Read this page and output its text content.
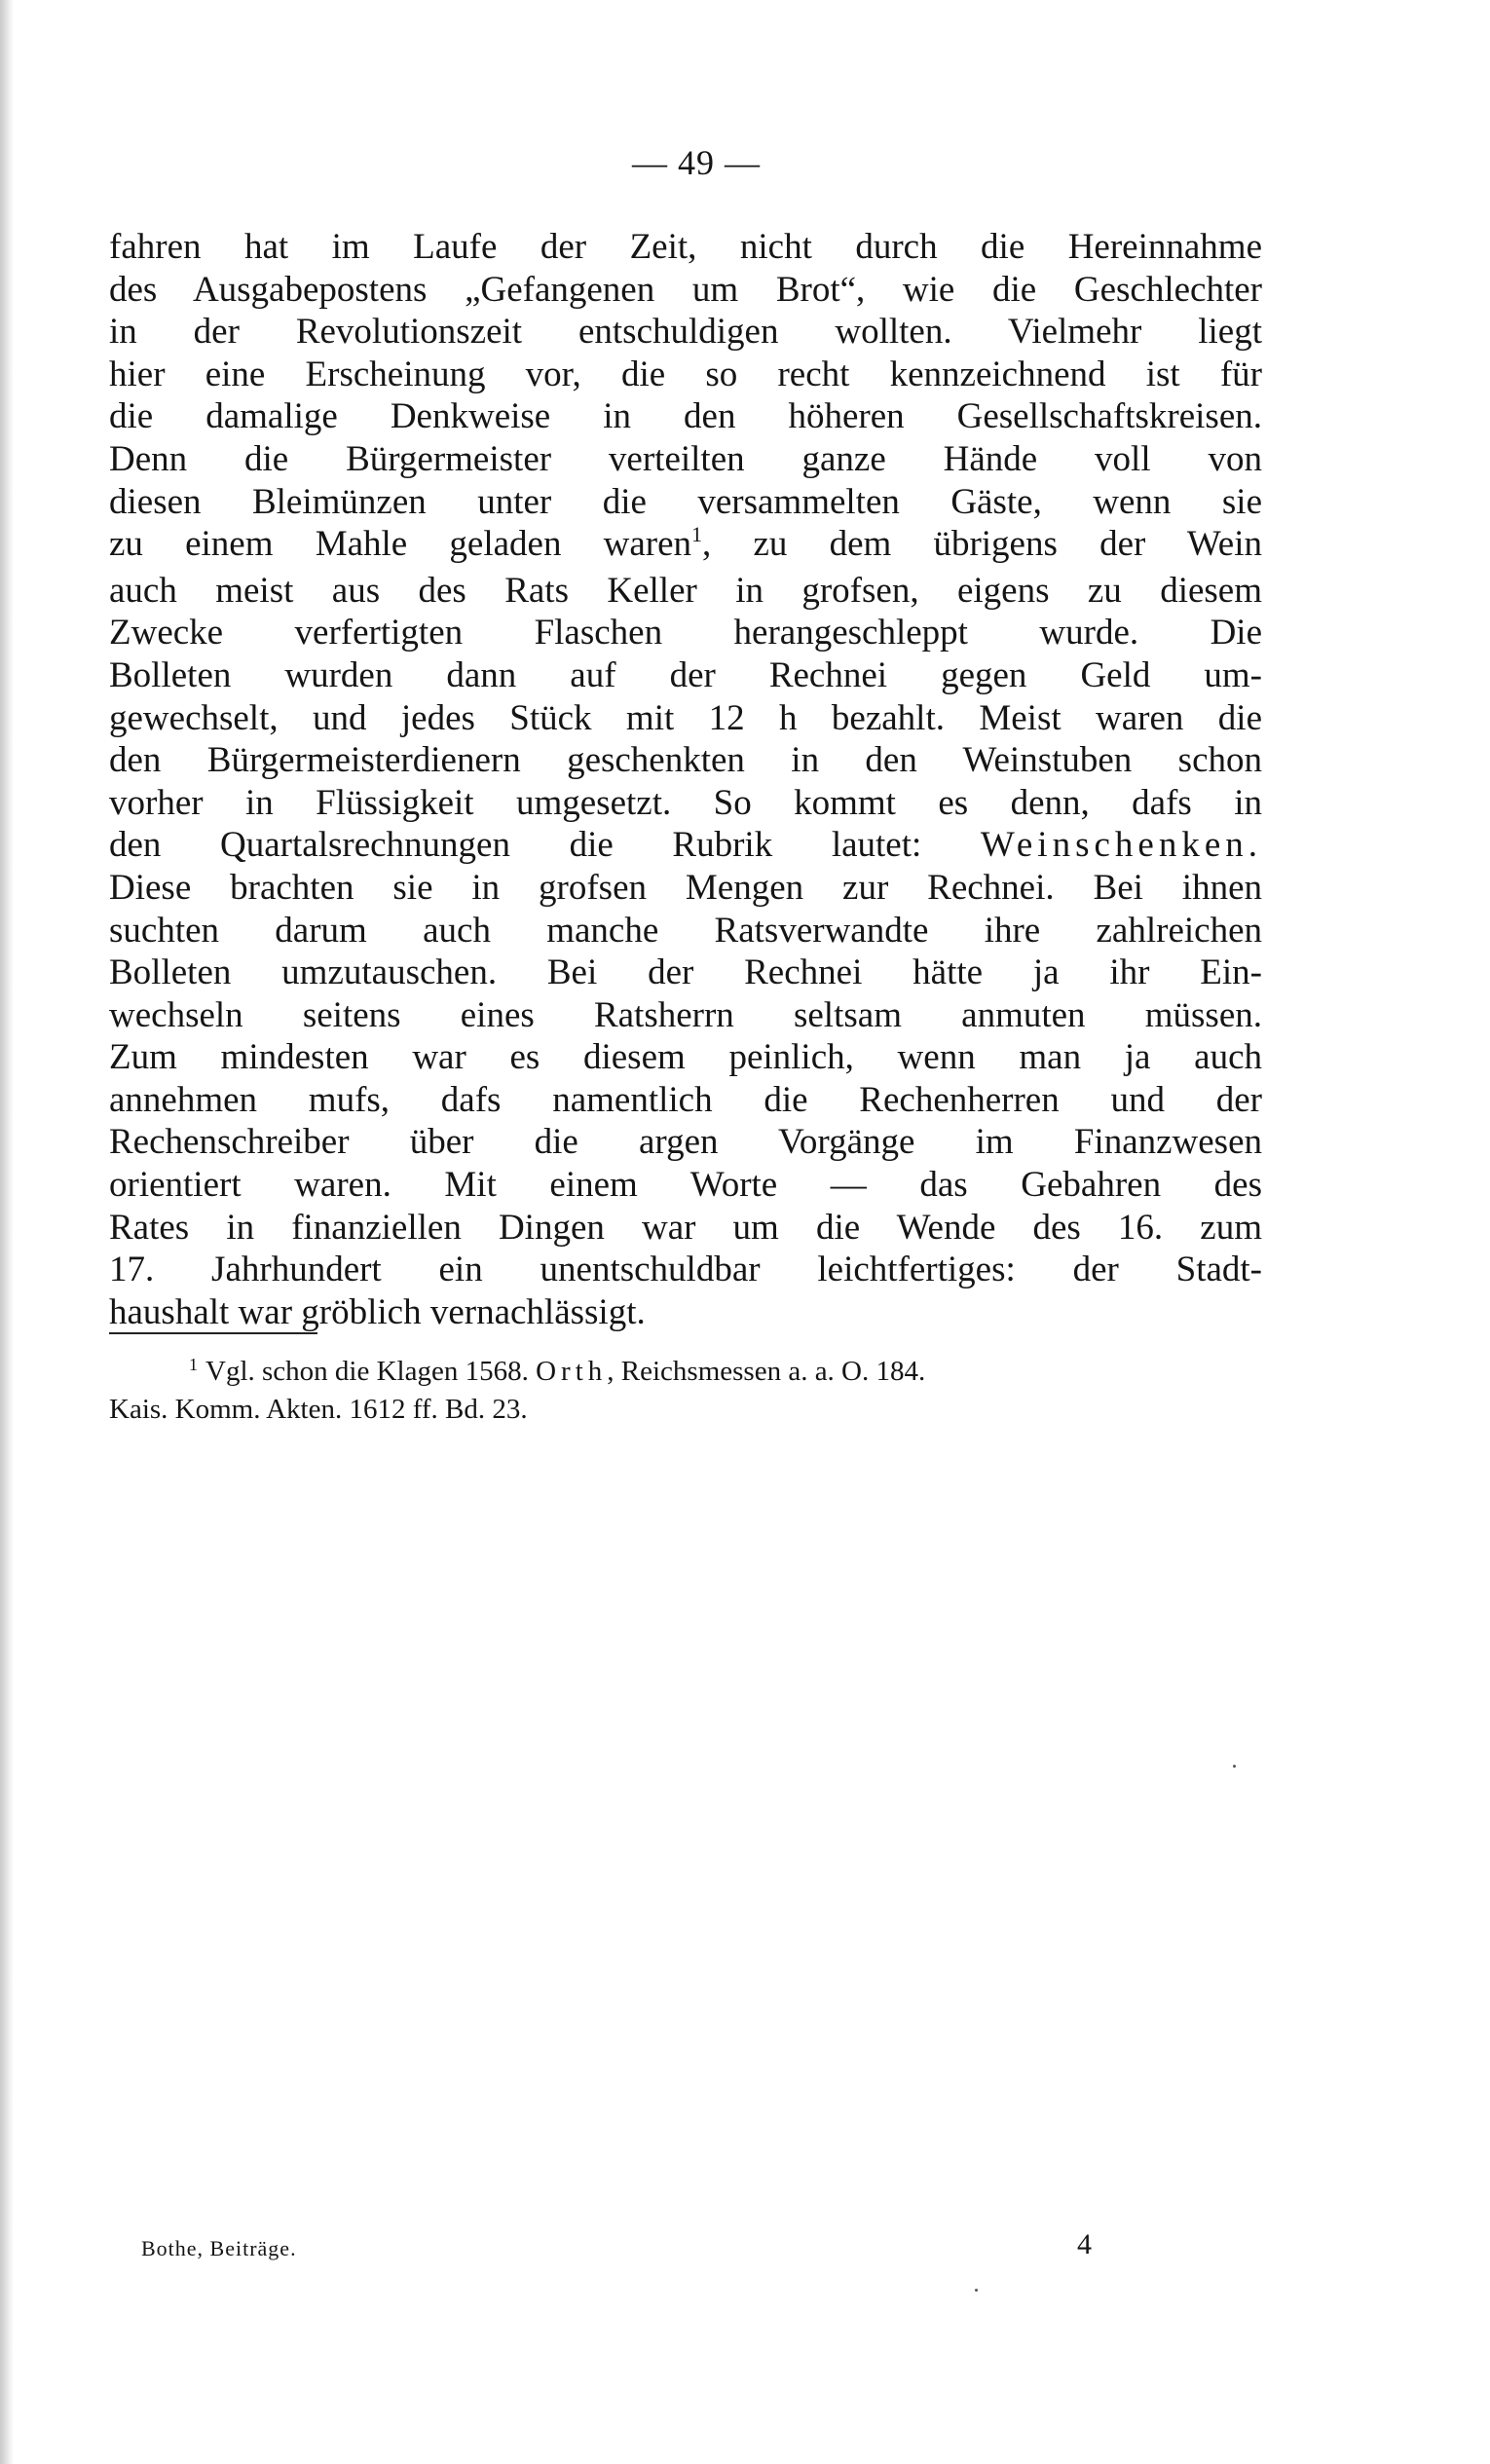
— 49 —
fahren hat im Laufe der Zeit, nicht durch die Hereinnahme
des Ausgabepostens „Gefangenen um Brot“, wie die Geschlechter
in der Revolutionszeit entschuldigen wollten. Vielmehr liegt
hier eine Erscheinung vor, die so recht kennzeichnend ist für
die damalige Denkweise in den höheren Gesellschaftskreisen.
Denn die Bürgermeister verteilten ganze Hände voll von
diesen Bleimünzen unter die versammelten Gäste, wenn sie
zu einem Mahle geladen waren$^1$, zu dem übrigens der Wein
auch meist aus des Rats Keller in grofsen, eigens zu diesem
Zwecke verfertigten Flaschen herangeschleppt wurde. Die
Bolleten wurden dann auf der Rechnei gegen Geld um-
gewechselt, und jedes Stück mit 12 h bezahlt. Meist waren die
den Bürgermeisterdienern geschenkten in den Weinstuben schon
vorher in Flüssigkeit umgesetzt. So kommt es denn, dafs in
den Quartalsrechnungen die Rubrik lautet: Weinschenken.
Diese brachten sie in grofsen Mengen zur Rechnei. Bei ihnen
suchten darum auch manche Ratsverwandte ihre zahlreichen
Bolleten umzutauschen. Bei der Rechnei hätte ja ihr Ein-
wechseln seitens eines Ratsherrn seltsam anmuten müssen.
Zum mindesten war es diesem peinlich, wenn man ja auch
annehmen mufs, dafs namentlich die Rechenherren und der
Rechenschreiber über die argen Vorgänge im Finanzwesen
orientiert waren. Mit einem Worte — das Gebahren des
Rates in finanziellen Dingen war um die Wende des 16. zum
17. Jahrhundert ein unentschuldbar leichtfertiges: der Stadt-
haushalt war gröblich vernachlässigt.
$^1$ Vgl. schon die Klagen 1568. Orth, Reichsmessen a. a. O. 184.
Kais. Komm. Akten. 1612 ff. Bd. 23.
Bothe, Beiträge.	4
